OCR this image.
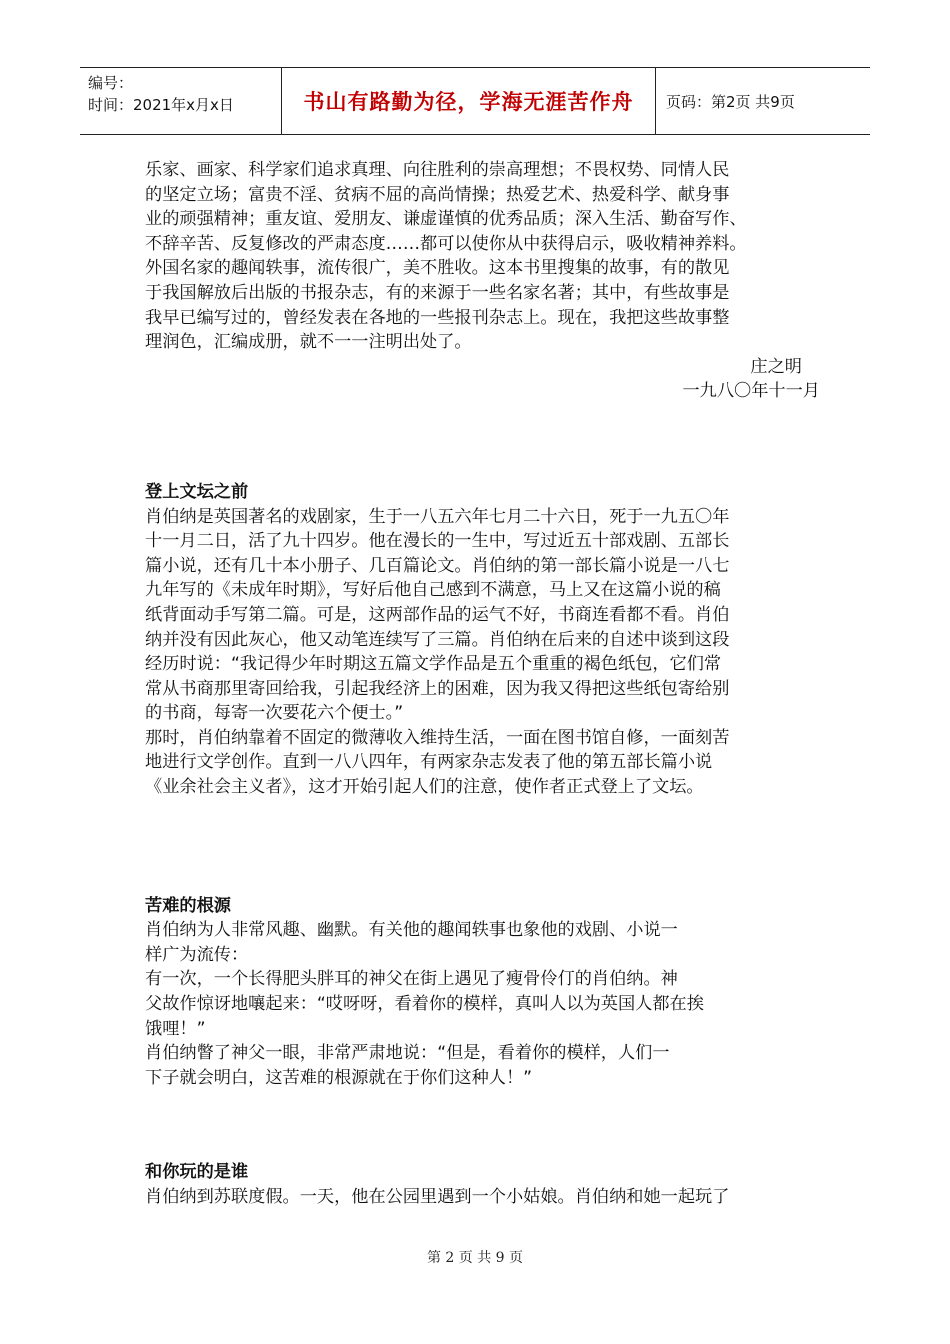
编号：
时间：2021年x月x日	书山有路勤为径，学海无涯苦作舟 页码：第2页 共9页

乐家、画家、科学家们追求真理、向往胜利的崇高理想；不畏权势、同情人民

的坚定立场；富贵不淫、贫病不屈的高尚情操；热爱艺术、热爱科学、献身事

业的顽强精神；重友谊、爱朋友、谦虚谨慎的优秀品质；深入生活、勤奋写作、

不辞辛苦、反复修改的严肃态度……都可以使你从中获得启示，吸收精神养料。

外国名家的趣闻轶事，流传很广，美不胜收。这本书里搜集的故事，有的散见

于我国解放后出版的书报杂志，有的来源于一些名家名著；其中，有些故事是

我早已编写过的，曾经发表在各地的一些报刊杂志上。现在，我把这些故事整

理润色，汇编成册，就不一一注明出处了。

庄之明

一九八〇年十一月

登上文坛之前

肖伯纳是英国著名的戏剧家，生于一八五六年七月二十六日，死于一九五〇年

十一月二日，活了九十四岁。他在漫长的一生中，写过近五十部戏剧、五部长

篇小说，还有几十本小册子、几百篇论文。肖伯纳的第一部长篇小说是一八七

九年写的《未成年时期》，写好后他自己感到不满意，马上又在这篇小说的稿

纸背面动手写第二篇。可是，这两部作品的运气不好，书商连看都不看。肖伯

纳并没有因此灰心，他又动笔连续写了三篇。肖伯纳在后来的自述中谈到这段

经历时说：“我记得少年时期这五篇文学作品是五个重重的褐色纸包，它们常

常从书商那里寄回给我，引起我经济上的困难，因为我又得把这些纸包寄给别

的书商，每寄一次要花六个便士。”

那时，肖伯纳靠着不固定的微薄收入维持生活，一面在图书馆自修，一面刻苦

地进行文学创作。直到一八八四年，有两家杂志发表了他的第五部长篇小说

《业余社会主义者》，这才开始引起人们的注意，使作者正式登上了文坛。

苦难的根源

肖伯纳为人非常风趣、幽默。有关他的趣闻轶事也象他的戏剧、小说一

样广为流传：

有一次，一个长得肥头胖耳的神父在街上遇见了瘦骨伶仃的肖伯纳。神

父故作惊讶地嚷起来：“哎呀呀，看着你的模样，真叫人以为英国人都在挨

饿哩！”

肖伯纳瞥了神父一眼，非常严肃地说：“但是，看着你的模样，人们一

下子就会明白，这苦难的根源就在于你们这种人！”

和你玩的是谁

肖伯纳到苏联度假。一天，他在公园里遇到一个小姑娘。肖伯纳和她一起玩了

第 2 页 共 9 页
